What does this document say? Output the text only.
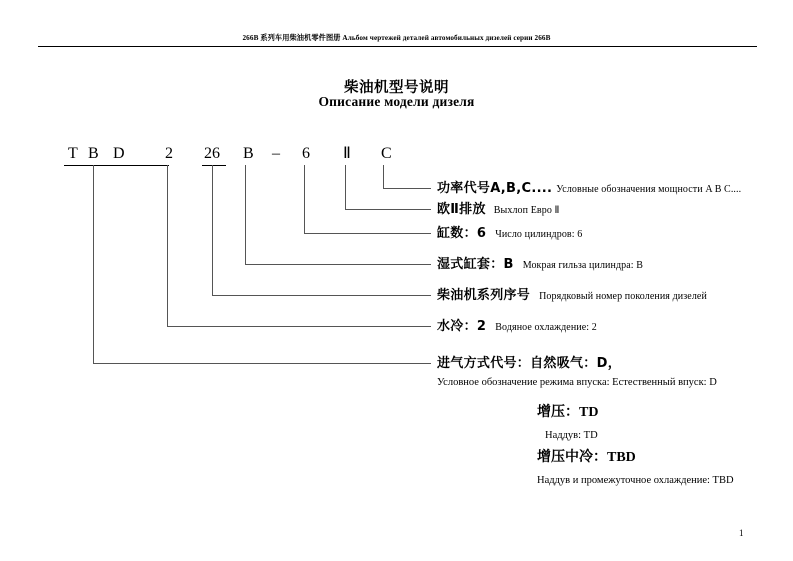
266B 系列车用柴油机零件图册 Альбом чертежей деталей автомобильных дизелей серии 266В
柴油机型号说明
Описание модели дизеля
T B D	2 26 B – 6 Ⅱ C
功率代号A,B,C.... Условные обозначения мощности A B C....
欧Ⅱ排放 Выхлоп Евро Ⅱ
缸数：6 Число цилиндров: 6
湿式缸套：B Мокрая гильза цилиндра: B
柴油机系列序号 Порядковый номер поколения дизелей
水冷：2 Водяное охлаждение: 2
进气方式代号：自然吸气：D，
Условное обозначение режима впуска: Естественный впуск: D
增压：TD
Наддув: TD
增压中冷：TBD
Наддув и промежуточное охлаждение: TBD
1
